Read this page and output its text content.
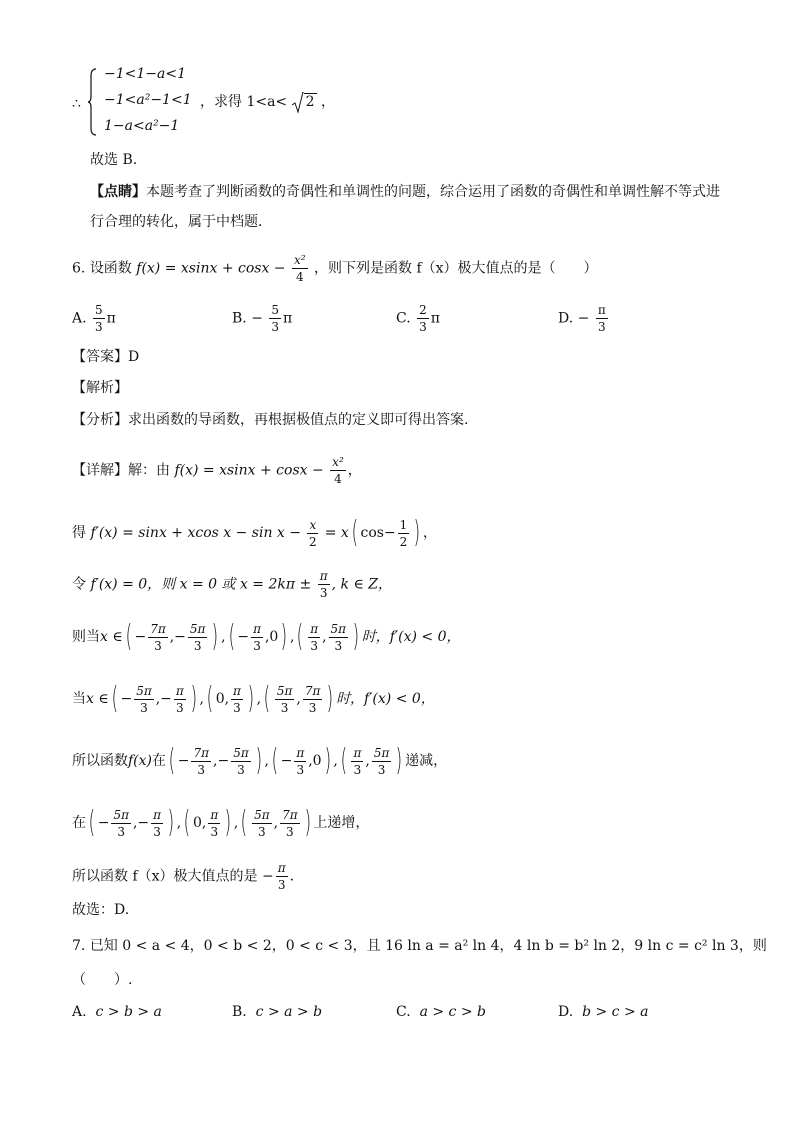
∴
−1<1−a<1
−1<a²−1<1
1−a<a²−1
，求得 1<a< 2 ，
故选 B．
【点睛】本题考查了判断函数的奇偶性和单调性的问题，综合运用了函数的奇偶性和单调性解不等式进
行合理的转化，属于中档题．
6. 设函数 $f(x) = xsinx + \cos x - \frac{\text{x²}}{4}$ ，则下列是函数 f（x）极大值点的是（　　）
A. $\frac{5}{3}$ π	B. − $\frac{5}{3}$ π	C. $\frac{2}{3}$ π	D. − $\frac{\pi}{3}$
【答案】D
【解析】
【分析】求出函数的导函数，再根据极值点的定义即可得出答案.
【详解】解：由 $f(x) = xsinx + \cos x - \frac{\text{x²}}{4}$ ，
得 f′(x) = sinx + xcos $x - \sin x - \frac{x}{2} = x$( $\cos- \frac{1}{2}$ ) ，
令 f′(x) = 0，则 x = 0 或 $x = 2k\pi \pm \frac{\pi}{3}$ , k ∈ Z，
则当x ∈( − $\frac{7\pi}{3}$ ,− $\frac{5\pi}{3}$ ) ,( − $\frac{\pi}{3} ,0$) ,( $\frac{\pi}{3}$ , $\frac{5\pi}{3}$ ) 时，f′(x) < 0，
当x ∈( − $\frac{5\pi}{3}$ ,− $\frac{\pi}{3}$ ) ,( 0, $\frac{\pi}{3}$ ) ,( $\frac{5\pi}{3}$ , $\frac{7\pi}{3}$ ) 时，f′(x) < 0，
所以函数f(x)在( − $\frac{7\pi}{3}$ ,− $\frac{5\pi}{3}$ ) ,( − $\frac{\pi}{3} ,0$) ,( $\frac{\pi}{3}$ , $\frac{5\pi}{3}$ ) 递减，
在( − $\frac{5\pi}{3}$ ,− $\frac{\pi}{3}$ ) ,( 0, $\frac{\pi}{3}$ ) ,( $\frac{5\pi}{3}$ , $\frac{7\pi}{3}$ ) 上递增，
所以函数 f（x）极大值点的是 − $\frac{\pi}{3}$ ．
故选：D.
7. 已知 0 < a < 4，0 < b < 2，0 < c < 3，且 16 ln a = a² ln 4，4 ln b = b² ln 2，9 ln c = c² ln 3，则
（　　）.
A. c > b > a	B. c > a > b	C. a > c > b	D. b > c > a
